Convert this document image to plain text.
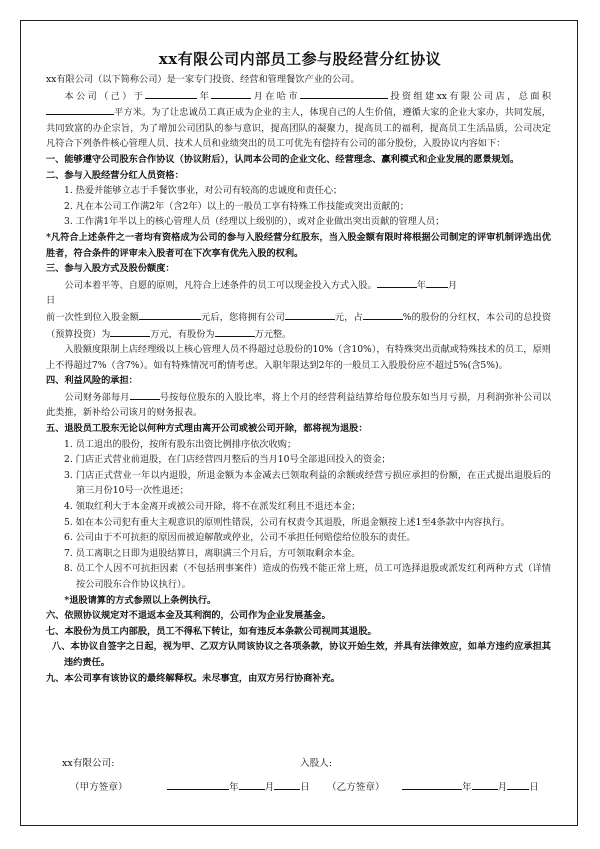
xx有限公司内部员工参与股经营分红协议

xx有限公司（以下简称公司）是一家专门投资、经营和管理餐饮产业的公司。

本公司（己）于	年	月在哈市	投资组建xx有限公司店，总面积平方米。为了让忠诚员工真正成为企业的主人，体现自己的人生价值，遵循大家的企业大家办，共同发展，共同致富的办企宗旨，为了增加公司团队的参与意识，提高团队的凝聚力，提高员工的福利，提高员工生活品质，公司决定凡符合下列条件核心管理人员、技术人员和业绩突出的员工可优先有偿持有公司的部分股份，入股协议内容如下：

一、能够遵守公司股东合作协议（协议附后），认同本公司的企业文化、经营理念、赢利模式和企业发展的愿景规划。

二、参与入股经营分红人员资格：

1. 热爱并能够立志于手餐饮事业，对公司有较高的忠诚度和责任心；

2. 凡在本公司工作满2年（含2年）以上的一般员工享有特殊工作技能或突出贡献的；

3. 工作满1年半以上的核心管理人员（经理以上级别的），或对企业做出突出贡献的管理人员；

*凡符合上述条件之一者均有资格成为公司的参与入股经营分红股东，当入股金额有限时将根据公司制定的评审机制评选出优胜者，符合条件的评审未入股者可在下次享有优先入股的权利。

三、参与入股方式及股份额度：

公司本着平等、自愿的原则，凡符合上述条件的员工可以现金投入方式入股。	年 月
日

前一次性到位入股金额	元后，您将拥有公司	元，占	%的股份的分红权，本公司的总投资（预算投资）为	万元，有股份为	万元整。

入股额度限制上店经理级以上核心管理人员不得超过总股份的10%（含10%），有特殊突出贡献或特殊技术的员工，原则上不得超过7%（含7%）。如有特殊情况可酌情考虑。入职年限达到2年的一般员工入股股份应不超过5%(含5%)。

四、利益风险的承担：

公司财务部每月	号按每位股东的入股比率，将上个月的经营利益结算给每位股东如当月亏损，月利润弥补公司以此类推，新补给公司该月的财务报表。

五、退股员工股东无论以何种方式理由离开公司或被公司开除，都将视为退股：

1. 员工退出的股份，按所有股东出资比例排序依次收购；

2. 门店正式营业前退股，在门店经营四月整后的当月10号全部退回投入的资金；

3. 门店正式营业一年以内退股，所退金额为本金减去已领取利益的余额或经营亏损应承担的份额，在正式提出退股后的第三月份10号一次性退还；

4. 领取红利大于本金离开或被公司开除，将不在派发红利且不退还本金；

5. 如在本公司犯有重大主观意识的原则性错误，公司有权责令其退股，所退金额按上述1至4条款中内容执行。

6. 公司由于不可抗拒的原因而被迫解散或停业，公司不承担任何赔偿给位股东的责任。

7. 员工离职之日即为退股结算日，离职满三个月后，方可领取剩余本金。

8. 员工个人因不可抗拒因素（不包括刑事案件）造成的伤残不能正常上班，员工可选择退股或派发红利两种方式（详情按公司股东合作协议执行）。

*退股请算的方式参照以上条例执行。

六、依照协议规定对不退返本金及其利润的，公司作为企业发展基金。

七、本股份为员工内部股，员工不得私下转让，如有违反本条款公司视同其退股。

八、本协议自签字之日起，视为甲、乙双方认同该协议之各项条款，协议开始生效，并具有法律效应，如单方违约应承担其违约责任。

九、本公司享有该协议的最终解释权。未尽事宜，由双方另行协商补充。

xx有限公司:	入股人:
（甲方签章）	年	月	日 （乙方签章）	年	月 日
